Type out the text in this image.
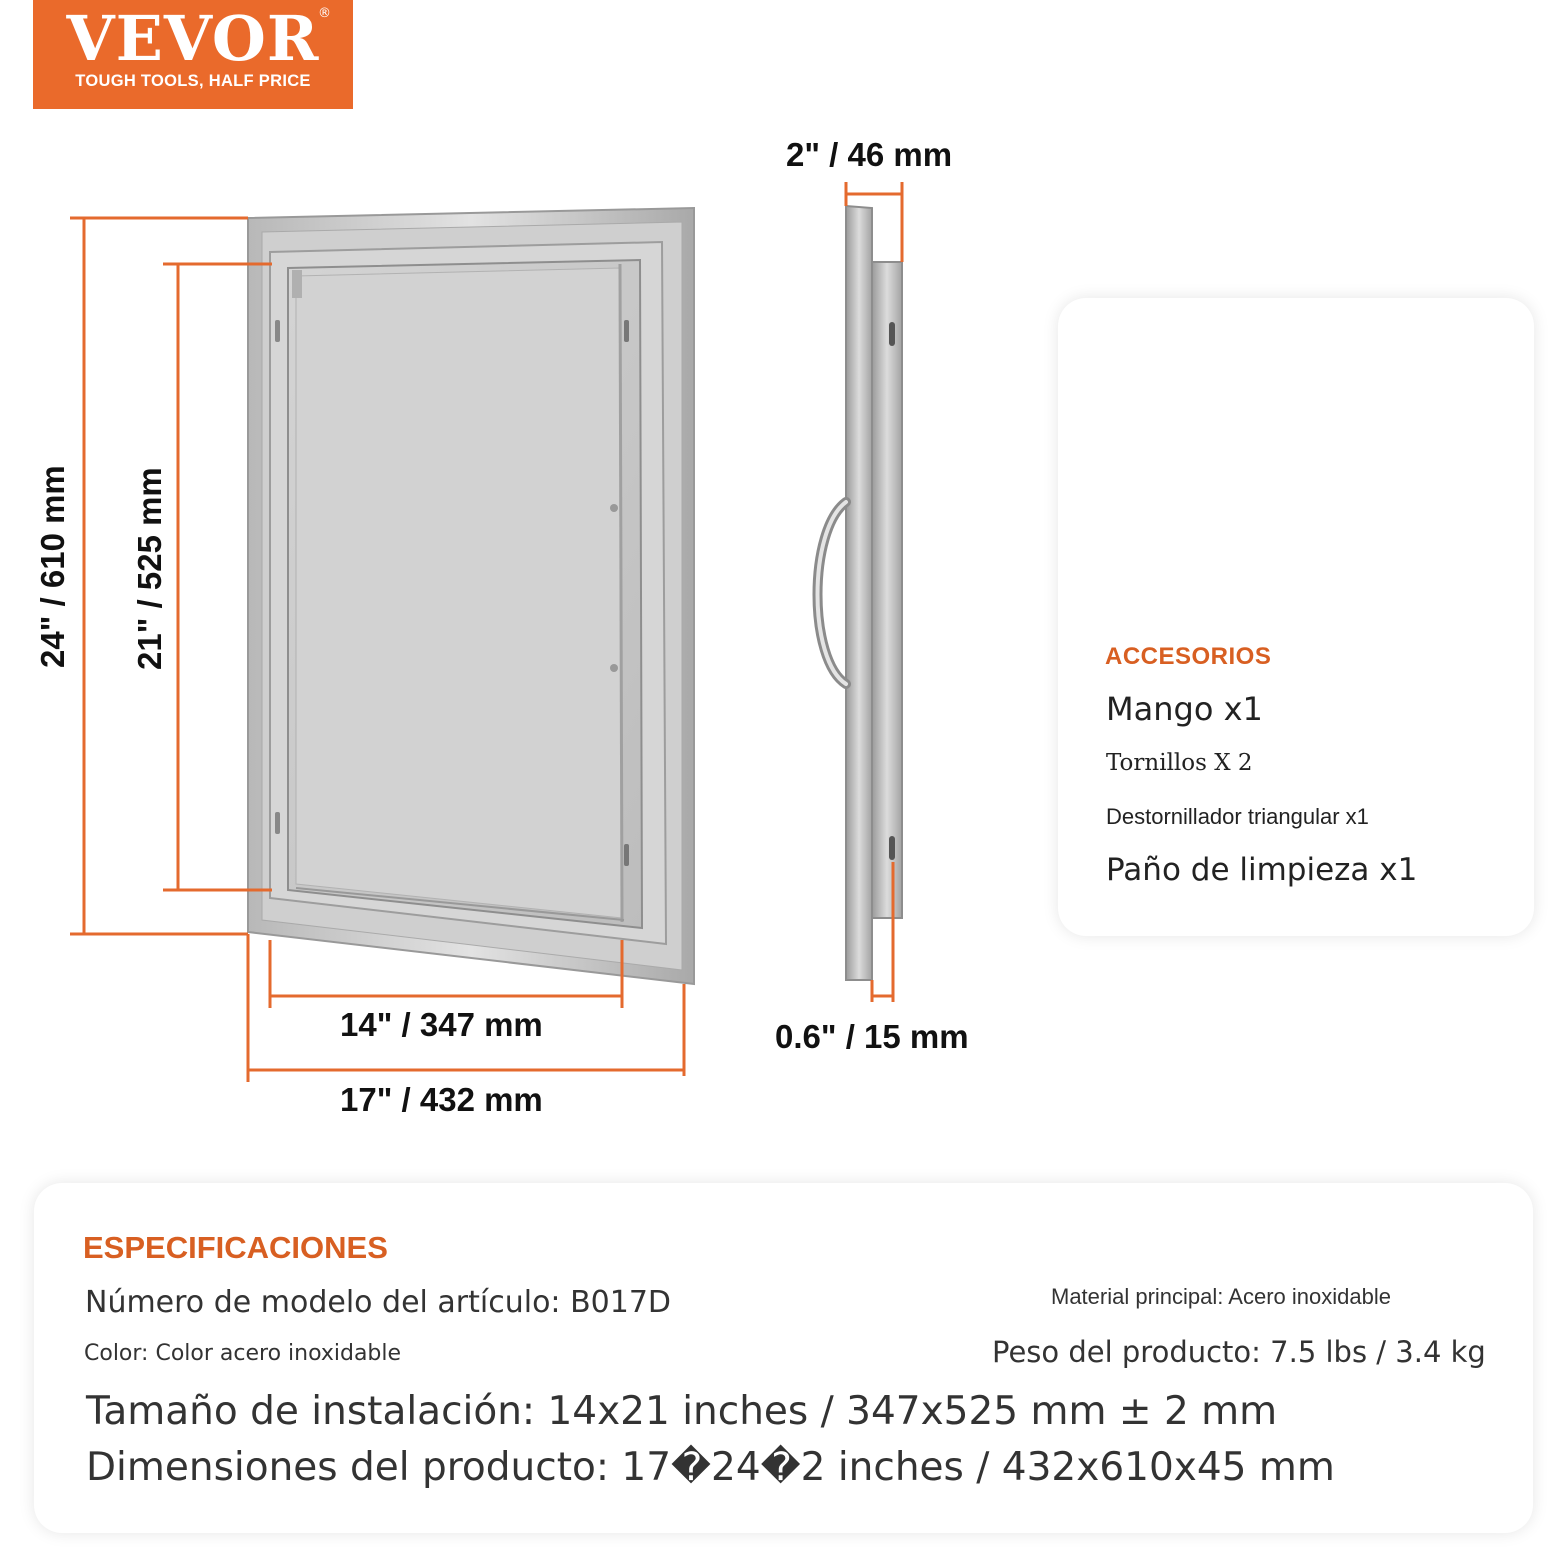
VEVOR
®
TOUGH TOOLS, HALF PRICE
24" / 610 mm 21" / 525 mm
14" / 347 mm
17" / 432 mm
2" / 46 mm
0.6" / 15 mm
ACCESORIOS
Mango x1
Tornillos X 2
Destornillador triangular x1
Paño de limpieza x1
ESPECIFICACIONES
Número de modelo del artículo: B017D	Material principal: Acero inoxidable
Color: Color acero inoxidable	Peso del producto: 7.5 lbs / 3.4 kg
Tamaño de instalación: 14x21 inches / 347x525 mm ± 2 mm
Dimensiones del producto: 17�24�2 inches / 432x610x45 mm
